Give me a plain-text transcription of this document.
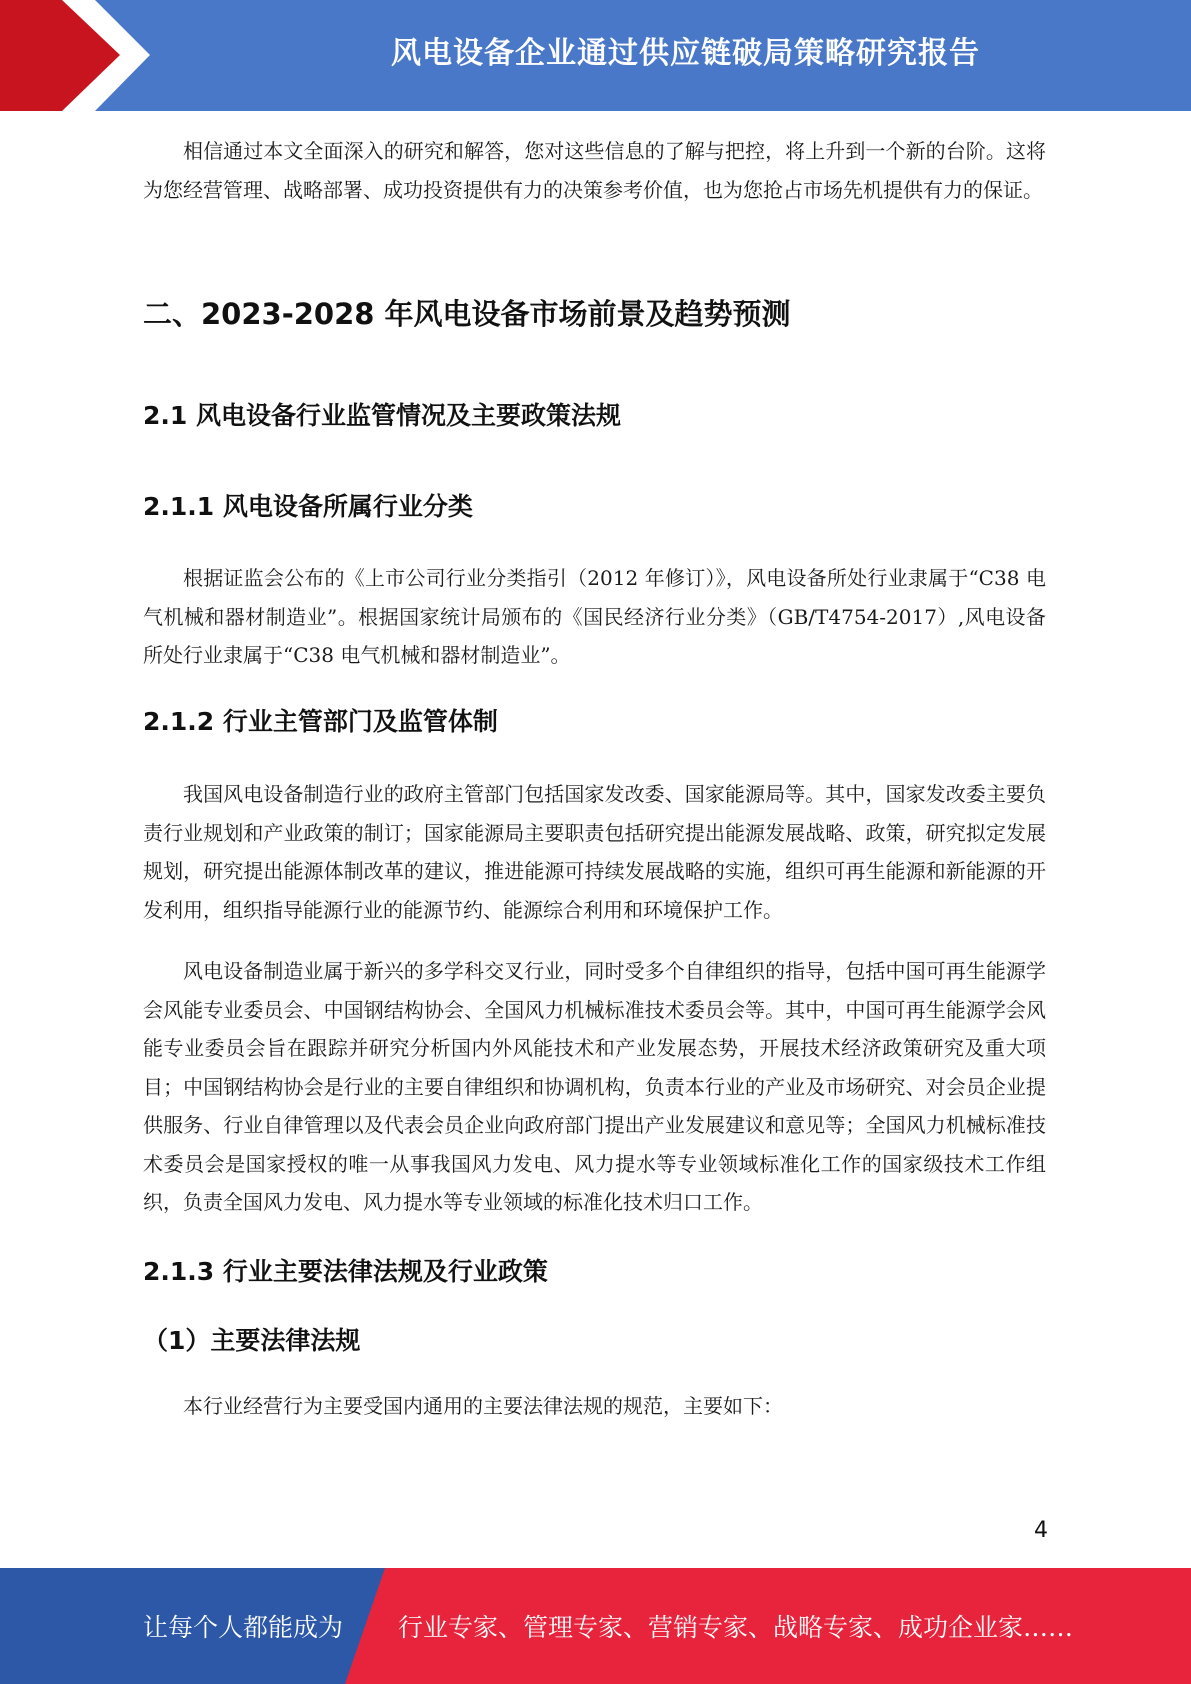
风电设备企业通过供应链破局策略研究报告

相信通过本文全面深入的研究和解答，您对这些信息的了解与把控，将上升到一个新的台阶。这将为您经营管理、战略部署、成功投资提供有力的决策参考价值，也为您抢占市场先机提供有力的保证。

二、2023-2028 年风电设备市场前景及趋势预测
2.1 风电设备行业监管情况及主要政策法规
2.1.1 风电设备所属行业分类

根据证监会公布的《上市公司行业分类指引（2012 年修订）》，风电设备所处行业隶属于“C38 电气机械和器材制造业”。根据国家统计局颁布的《国民经济行业分类》（GB/T4754-2017）,风电设备所处行业隶属于“C38 电气机械和器材制造业”。

2.1.2 行业主管部门及监管体制

我国风电设备制造行业的政府主管部门包括国家发改委、国家能源局等。其中，国家发改委主要负责行业规划和产业政策的制订；国家能源局主要职责包括研究提出能源发展战略、政策，研究拟定发展规划，研究提出能源体制改革的建议，推进能源可持续发展战略的实施，组织可再生能源和新能源的开发利用，组织指导能源行业的能源节约、能源综合利用和环境保护工作。

风电设备制造业属于新兴的多学科交叉行业，同时受多个自律组织的指导，包括中国可再生能源学会风能专业委员会、中国钢结构协会、全国风力机械标准技术委员会等。其中，中国可再生能源学会风能专业委员会旨在跟踪并研究分析国内外风能技术和产业发展态势，开展技术经济政策研究及重大项目；中国钢结构协会是行业的主要自律组织和协调机构，负责本行业的产业及市场研究、对会员企业提供服务、行业自律管理以及代表会员企业向政府部门提出产业发展建议和意见等；全国风力机械标准技术委员会是国家授权的唯一从事我国风力发电、风力提水等专业领域标准化工作的国家级技术工作组织，负责全国风力发电、风力提水等专业领域的标准化技术归口工作。

2.1.3 行业主要法律法规及行业政策
（1）主要法律法规

本行业经营行为主要受国内通用的主要法律法规的规范，主要如下：

4
让每个人都能成为 行业专家、管理专家、营销专家、战略专家、成功企业家……
